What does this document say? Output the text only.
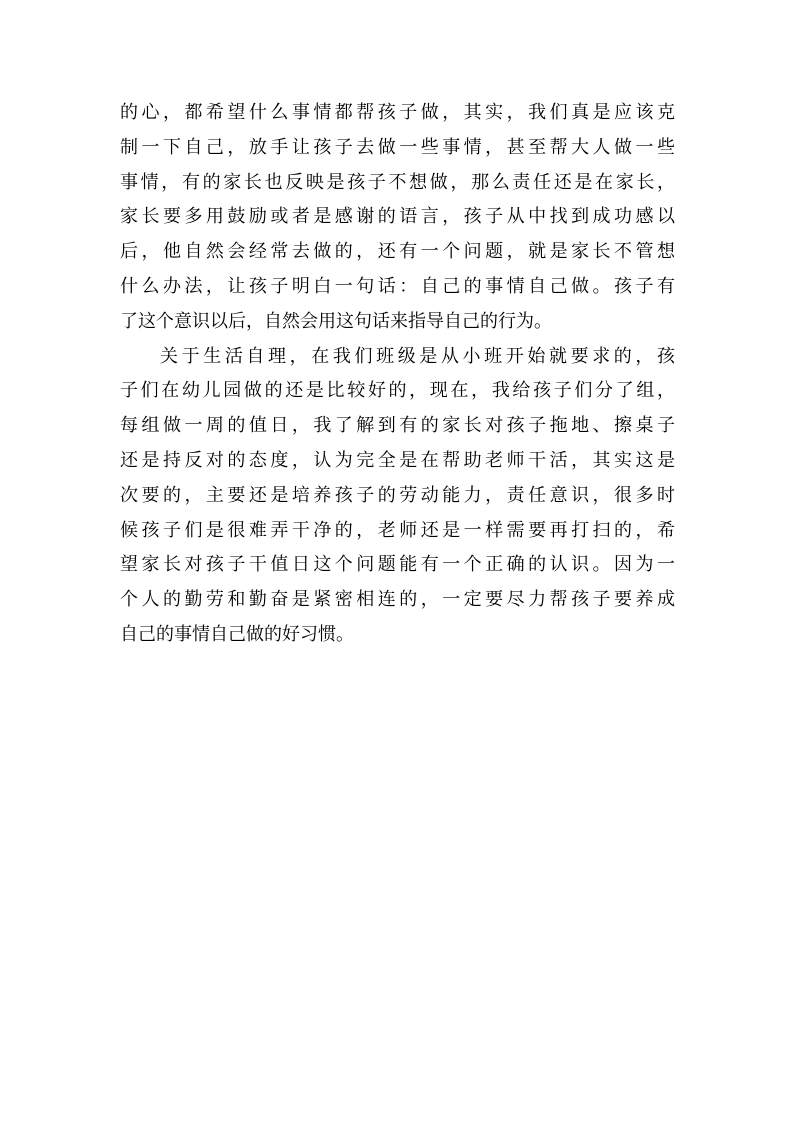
的心，都希望什么事情都帮孩子做，其实，我们真是应该克
制一下自己，放手让孩子去做一些事情，甚至帮大人做一些
事情，有的家长也反映是孩子不想做，那么责任还是在家长，
家长要多用鼓励或者是感谢的语言，孩子从中找到成功感以
后，他自然会经常去做的，还有一个问题，就是家长不管想
什么办法，让孩子明白一句话：自己的事情自己做。孩子有
了这个意识以后，自然会用这句话来指导自己的行为。
关于生活自理，在我们班级是从小班开始就要求的，孩
子们在幼儿园做的还是比较好的，现在，我给孩子们分了组，
每组做一周的值日，我了解到有的家长对孩子拖地、擦桌子
还是持反对的态度，认为完全是在帮助老师干活，其实这是
次要的，主要还是培养孩子的劳动能力，责任意识，很多时
候孩子们是很难弄干净的，老师还是一样需要再打扫的，希
望家长对孩子干值日这个问题能有一个正确的认识。因为一
个人的勤劳和勤奋是紧密相连的，一定要尽力帮孩子要养成
自己的事情自己做的好习惯。
